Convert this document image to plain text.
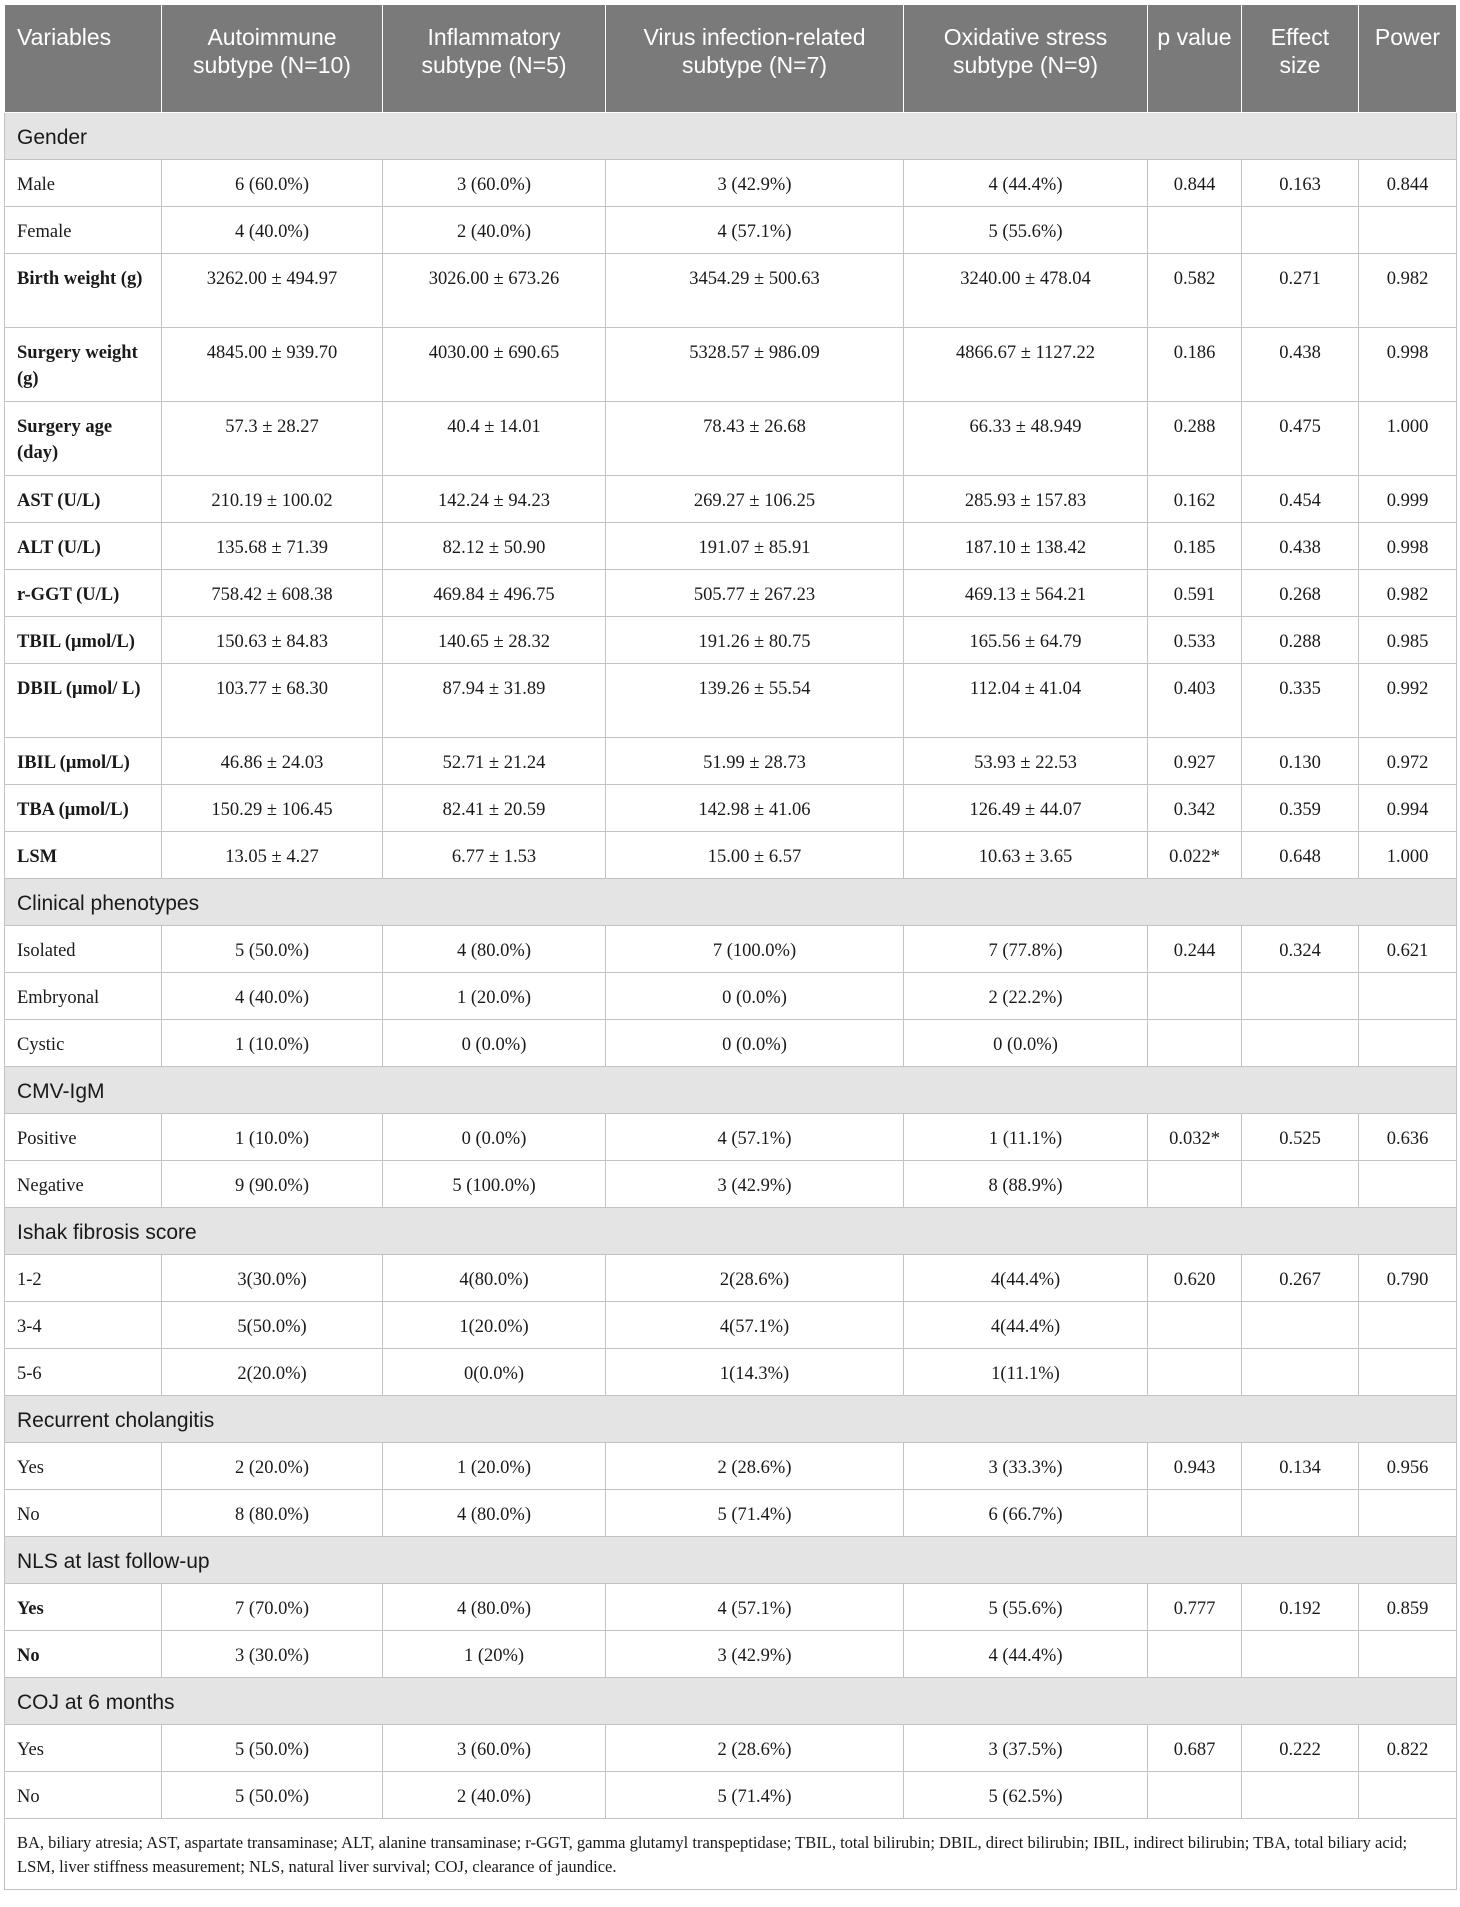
Variables	Autoimmune subtype (N=10)	Inflammatory subtype (N=5)	Virus infection-related subtype (N=7)	Oxidative stress subtype (N=9)	p value	Effect size	Power
Gender							
Male	6 (60.0%)	3 (60.0%)	3 (42.9%)	4 (44.4%)	0.844	0.163	0.844
Female	4 (40.0%)	2 (40.0%)	4 (57.1%)	5 (55.6%)			
Birth weight (g)	3262.00 ± 494.97	3026.00 ± 673.26	3454.29 ± 500.63	3240.00 ± 478.04	0.582	0.271	0.982
Surgery weight (g)	4845.00 ± 939.70	4030.00 ± 690.65	5328.57 ± 986.09	4866.67 ± 1127.22	0.186	0.438	0.998
Surgery age (day)	57.3 ± 28.27	40.4 ± 14.01	78.43 ± 26.68	66.33 ± 48.949	0.288	0.475	1.000
AST (U/L)	210.19 ± 100.02	142.24 ± 94.23	269.27 ± 106.25	285.93 ± 157.83	0.162	0.454	0.999
ALT (U/L)	135.68 ± 71.39	82.12 ± 50.90	191.07 ± 85.91	187.10 ± 138.42	0.185	0.438	0.998
r-GGT (U/L)	758.42 ± 608.38	469.84 ± 496.75	505.77 ± 267.23	469.13 ± 564.21	0.591	0.268	0.982
TBIL (μmol/L)	150.63 ± 84.83	140.65 ± 28.32	191.26 ± 80.75	165.56 ± 64.79	0.533	0.288	0.985
DBIL (μmol/ L)	103.77 ± 68.30	87.94 ± 31.89	139.26 ± 55.54	112.04 ± 41.04	0.403	0.335	0.992
IBIL (μmol/L)	46.86 ± 24.03	52.71 ± 21.24	51.99 ± 28.73	53.93 ± 22.53	0.927	0.130	0.972
TBA (μmol/L)	150.29 ± 106.45	82.41 ± 20.59	142.98 ± 41.06	126.49 ± 44.07	0.342	0.359	0.994
LSM	13.05 ± 4.27	6.77 ± 1.53	15.00 ± 6.57	10.63 ± 3.65	0.022*	0.648	1.000
Clinical phenotypes							
Isolated	5 (50.0%)	4 (80.0%)	7 (100.0%)	7 (77.8%)	0.244	0.324	0.621
Embryonal	4 (40.0%)	1 (20.0%)	0 (0.0%)	2 (22.2%)			
Cystic	1 (10.0%)	0 (0.0%)	0 (0.0%)	0 (0.0%)			
CMV-IgM							
Positive	1 (10.0%)	0 (0.0%)	4 (57.1%)	1 (11.1%)	0.032*	0.525	0.636
Negative	9 (90.0%)	5 (100.0%)	3 (42.9%)	8 (88.9%)			
Ishak fibrosis score							
1-2	3(30.0%)	4(80.0%)	2(28.6%)	4(44.4%)	0.620	0.267	0.790
3-4	5(50.0%)	1(20.0%)	4(57.1%)	4(44.4%)			
5-6	2(20.0%)	0(0.0%)	1(14.3%)	1(11.1%)			
Recurrent cholangitis							
Yes	2 (20.0%)	1 (20.0%)	2 (28.6%)	3 (33.3%)	0.943	0.134	0.956
No	8 (80.0%)	4 (80.0%)	5 (71.4%)	6 (66.7%)			
NLS at last follow-up							
Yes	7 (70.0%)	4 (80.0%)	4 (57.1%)	5 (55.6%)	0.777	0.192	0.859
No	3 (30.0%)	1 (20%)	3 (42.9%)	4 (44.4%)			
COJ at 6 months							
Yes	5 (50.0%)	3 (60.0%)	2 (28.6%)	3 (37.5%)	0.687	0.222	0.822
No	5 (50.0%)	2 (40.0%)	5 (71.4%)	5 (62.5%)			
BA, biliary atresia; AST, aspartate transaminase; ALT, alanine transaminase; r-GGT, gamma glutamyl transpeptidase; TBIL, total bilirubin; DBIL, direct bilirubin; IBIL, indirect bilirubin; TBA, total biliary acid; LSM, liver stiffness measurement; NLS, natural liver survival; COJ, clearance of jaundice.							
